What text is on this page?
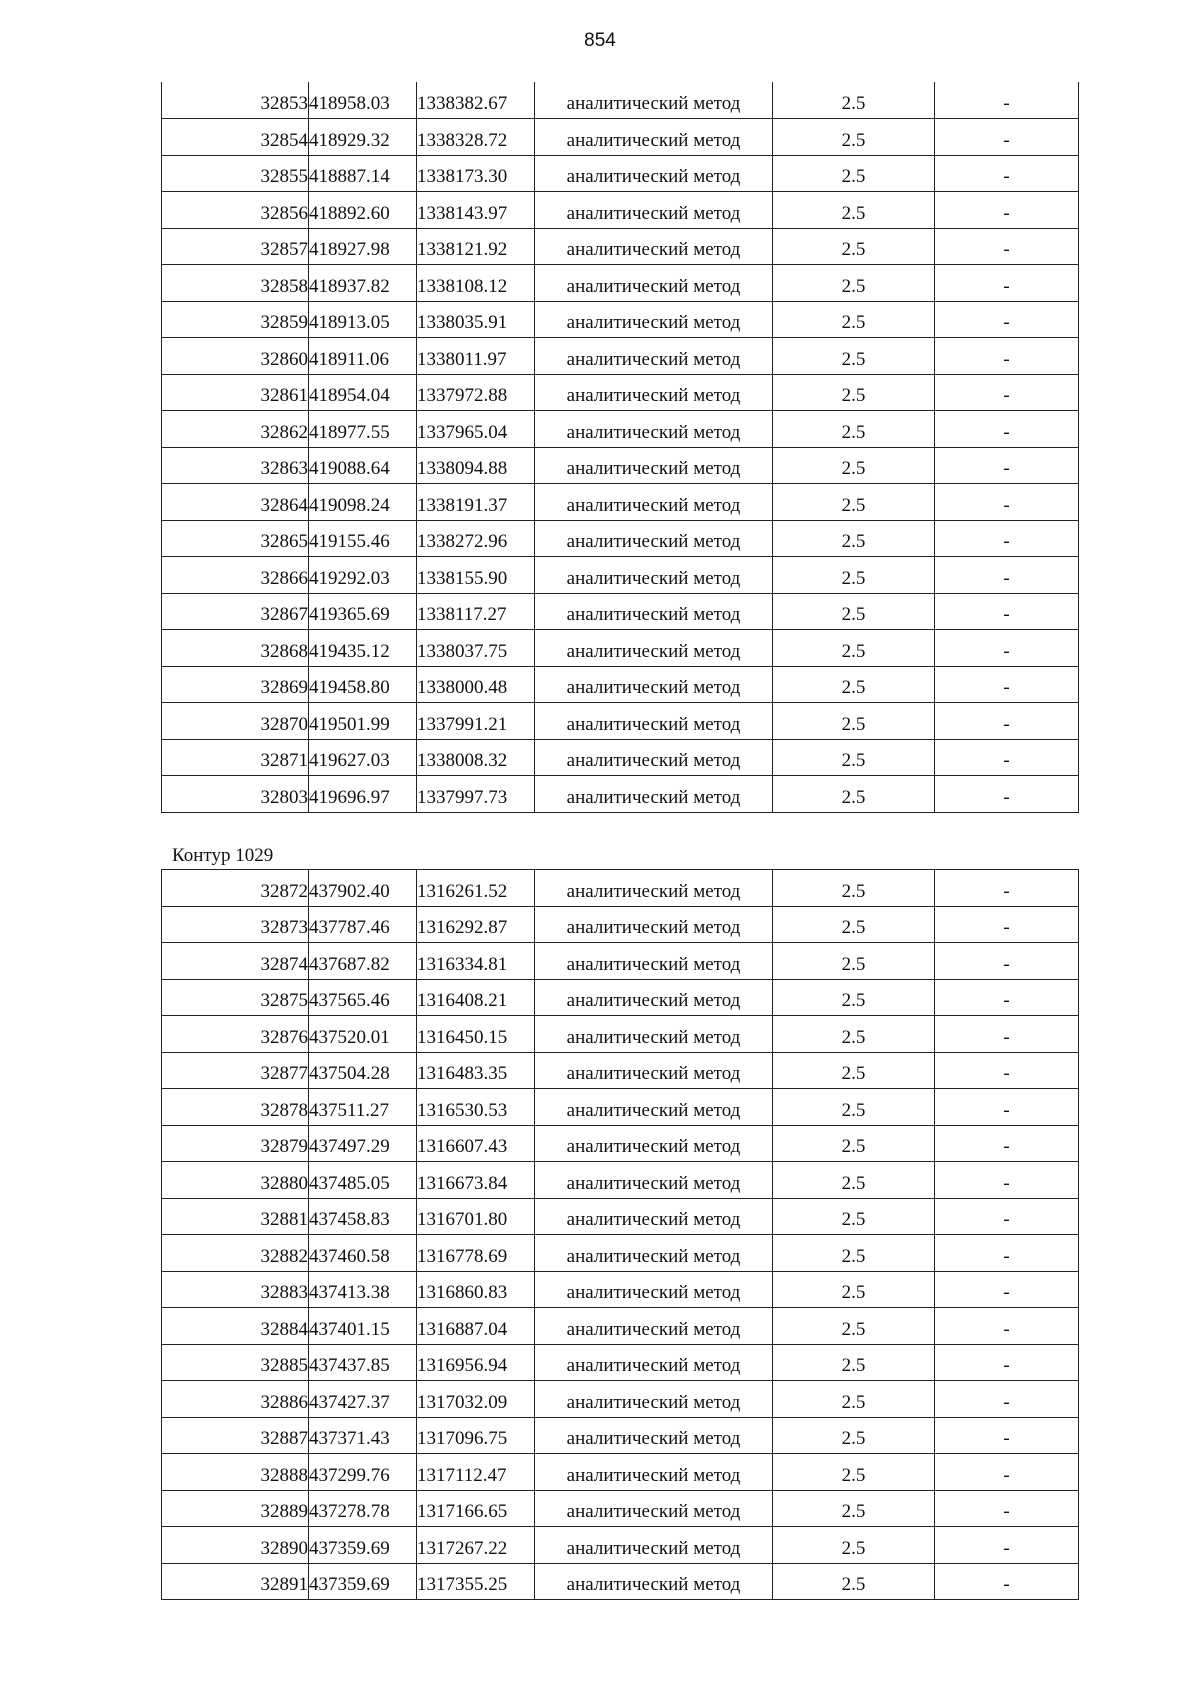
854
32853	418958.03	1338382.67	аналитический метод	2.5	-
32854	418929.32	1338328.72	аналитический метод	2.5	-
32855	418887.14	1338173.30	аналитический метод	2.5	-
32856	418892.60	1338143.97	аналитический метод	2.5	-
32857	418927.98	1338121.92	аналитический метод	2.5	-
32858	418937.82	1338108.12	аналитический метод	2.5	-
32859	418913.05	1338035.91	аналитический метод	2.5	-
32860	418911.06	1338011.97	аналитический метод	2.5	-
32861	418954.04	1337972.88	аналитический метод	2.5	-
32862	418977.55	1337965.04	аналитический метод	2.5	-
32863	419088.64	1338094.88	аналитический метод	2.5	-
32864	419098.24	1338191.37	аналитический метод	2.5	-
32865	419155.46	1338272.96	аналитический метод	2.5	-
32866	419292.03	1338155.90	аналитический метод	2.5	-
32867	419365.69	1338117.27	аналитический метод	2.5	-
32868	419435.12	1338037.75	аналитический метод	2.5	-
32869	419458.80	1338000.48	аналитический метод	2.5	-
32870	419501.99	1337991.21	аналитический метод	2.5	-
32871	419627.03	1338008.32	аналитический метод	2.5	-
32803	419696.97	1337997.73	аналитический метод	2.5	-
Контур 1029
32872	437902.40	1316261.52	аналитический метод	2.5	-
32873	437787.46	1316292.87	аналитический метод	2.5	-
32874	437687.82	1316334.81	аналитический метод	2.5	-
32875	437565.46	1316408.21	аналитический метод	2.5	-
32876	437520.01	1316450.15	аналитический метод	2.5	-
32877	437504.28	1316483.35	аналитический метод	2.5	-
32878	437511.27	1316530.53	аналитический метод	2.5	-
32879	437497.29	1316607.43	аналитический метод	2.5	-
32880	437485.05	1316673.84	аналитический метод	2.5	-
32881	437458.83	1316701.80	аналитический метод	2.5	-
32882	437460.58	1316778.69	аналитический метод	2.5	-
32883	437413.38	1316860.83	аналитический метод	2.5	-
32884	437401.15	1316887.04	аналитический метод	2.5	-
32885	437437.85	1316956.94	аналитический метод	2.5	-
32886	437427.37	1317032.09	аналитический метод	2.5	-
32887	437371.43	1317096.75	аналитический метод	2.5	-
32888	437299.76	1317112.47	аналитический метод	2.5	-
32889	437278.78	1317166.65	аналитический метод	2.5	-
32890	437359.69	1317267.22	аналитический метод	2.5	-
32891	437359.69	1317355.25	аналитический метод	2.5	-
